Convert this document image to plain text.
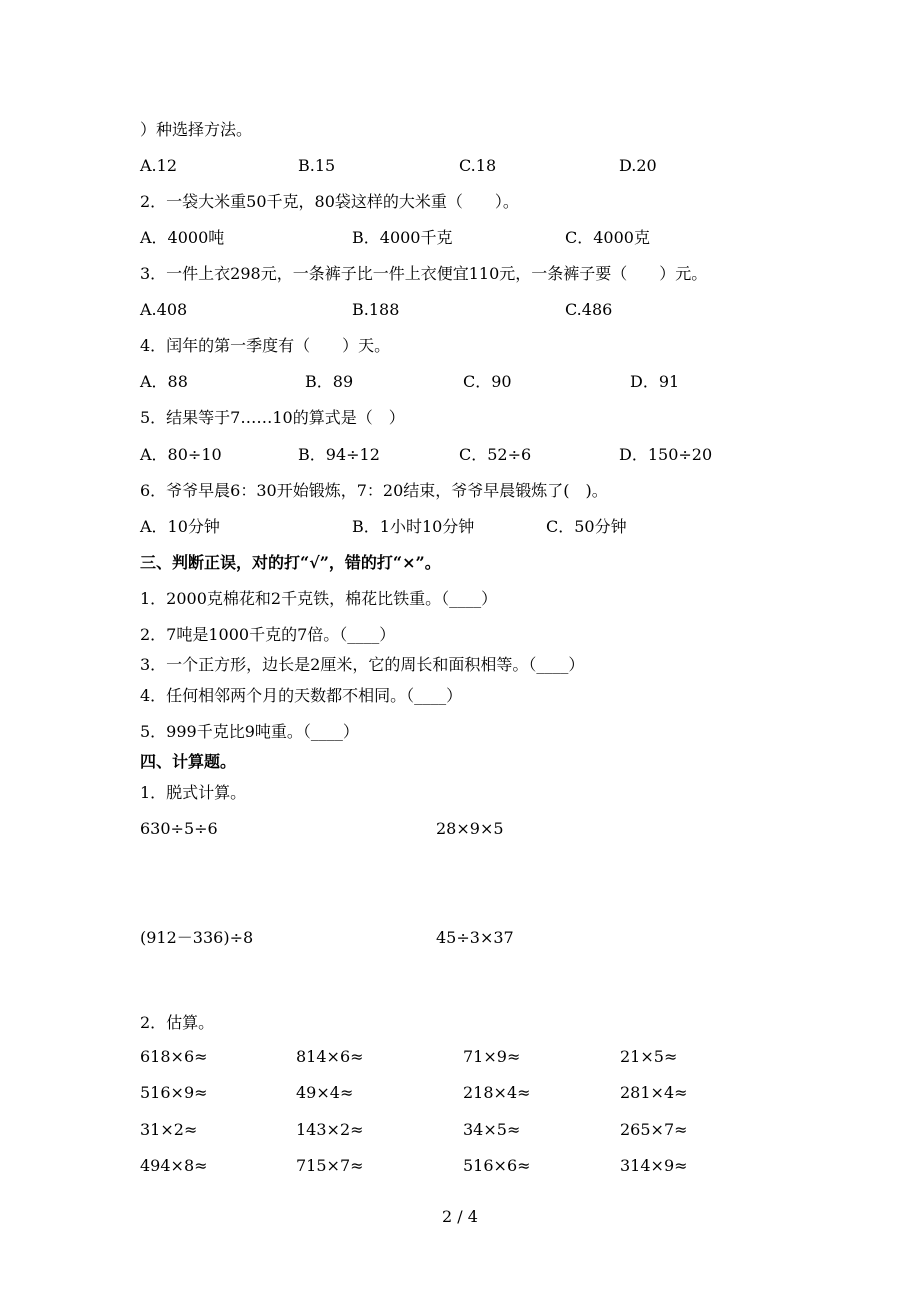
）种选择方法。
A.12	B.15	C.18	D.20
2．一袋大米重50千克，80袋这样的大米重（　　）。
A．4000吨	B．4000千克	C．4000克
3．一件上衣298元，一条裤子比一件上衣便宜110元，一条裤子要（　　）元。
A.408	B.188	C.486
4．闰年的第一季度有（　　）天。
A．88	B．89	C．90	D．91
5．结果等于7……10的算式是（　）
A．80÷10	B．94÷12	C．52÷6	D．150÷20
6．爷爷早晨6：30开始锻炼，7：20结束，爷爷早晨锻炼了(　)。
A．10分钟	B．1小时10分钟	C．50分钟
三、判断正误，对的打“√”，错的打“×”。
1．2000克棉花和2千克铁，棉花比铁重。（____）
2．7吨是1000千克的7倍。（____）
3．一个正方形，边长是2厘米，它的周长和面积相等。（____）
4．任何相邻两个月的天数都不相同。（____）
5．999千克比9吨重。（____）
四、计算题。
1．脱式计算。
630÷5÷6	28×9×5
(912－336)÷8	45÷3×37
2．估算。
618×6≈	814×6≈	71×9≈	21×5≈
516×9≈	49×4≈	218×4≈	281×4≈
31×2≈	143×2≈	34×5≈	265×7≈
494×8≈	715×7≈	516×6≈	314×9≈
2 / 4
